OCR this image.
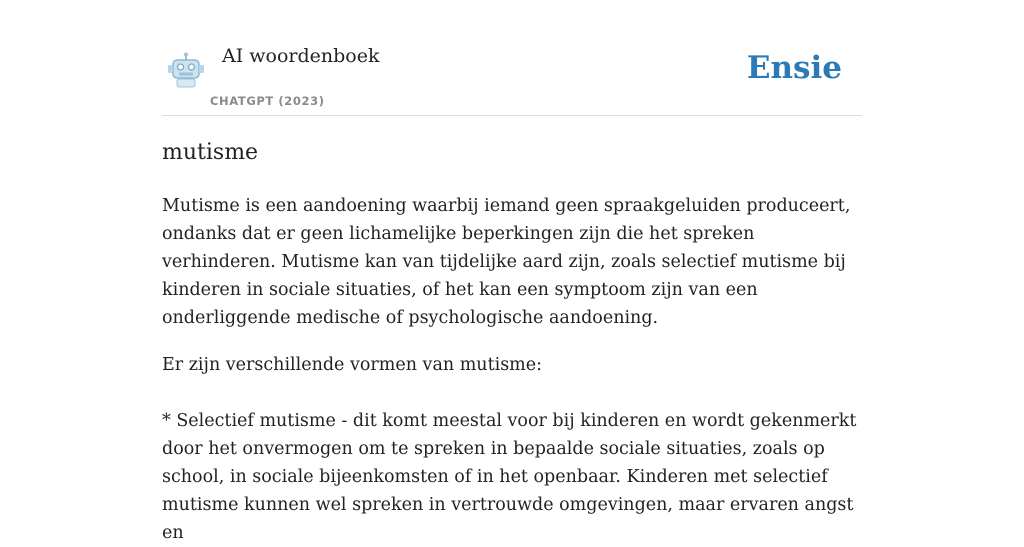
AI woordenboek
CHATGPT (2023)
Ensie
mutisme

Mutisme is een aandoening waarbij iemand geen spraakgeluiden produceert, ondanks dat er geen lichamelijke beperkingen zijn die het spreken verhinderen. Mutisme kan van tijdelijke aard zijn, zoals selectief mutisme bij kinderen in sociale situaties, of het kan een symptoom zijn van een onderliggende medische of psychologische aandoening.

Er zijn verschillende vormen van mutisme:

* Selectief mutisme - dit komt meestal voor bij kinderen en wordt gekenmerkt door het onvermogen om te spreken in bepaalde sociale situaties, zoals op school, in sociale bijeenkomsten of in het openbaar. Kinderen met selectief mutisme kunnen wel spreken in vertrouwde omgevingen, maar ervaren angst en
